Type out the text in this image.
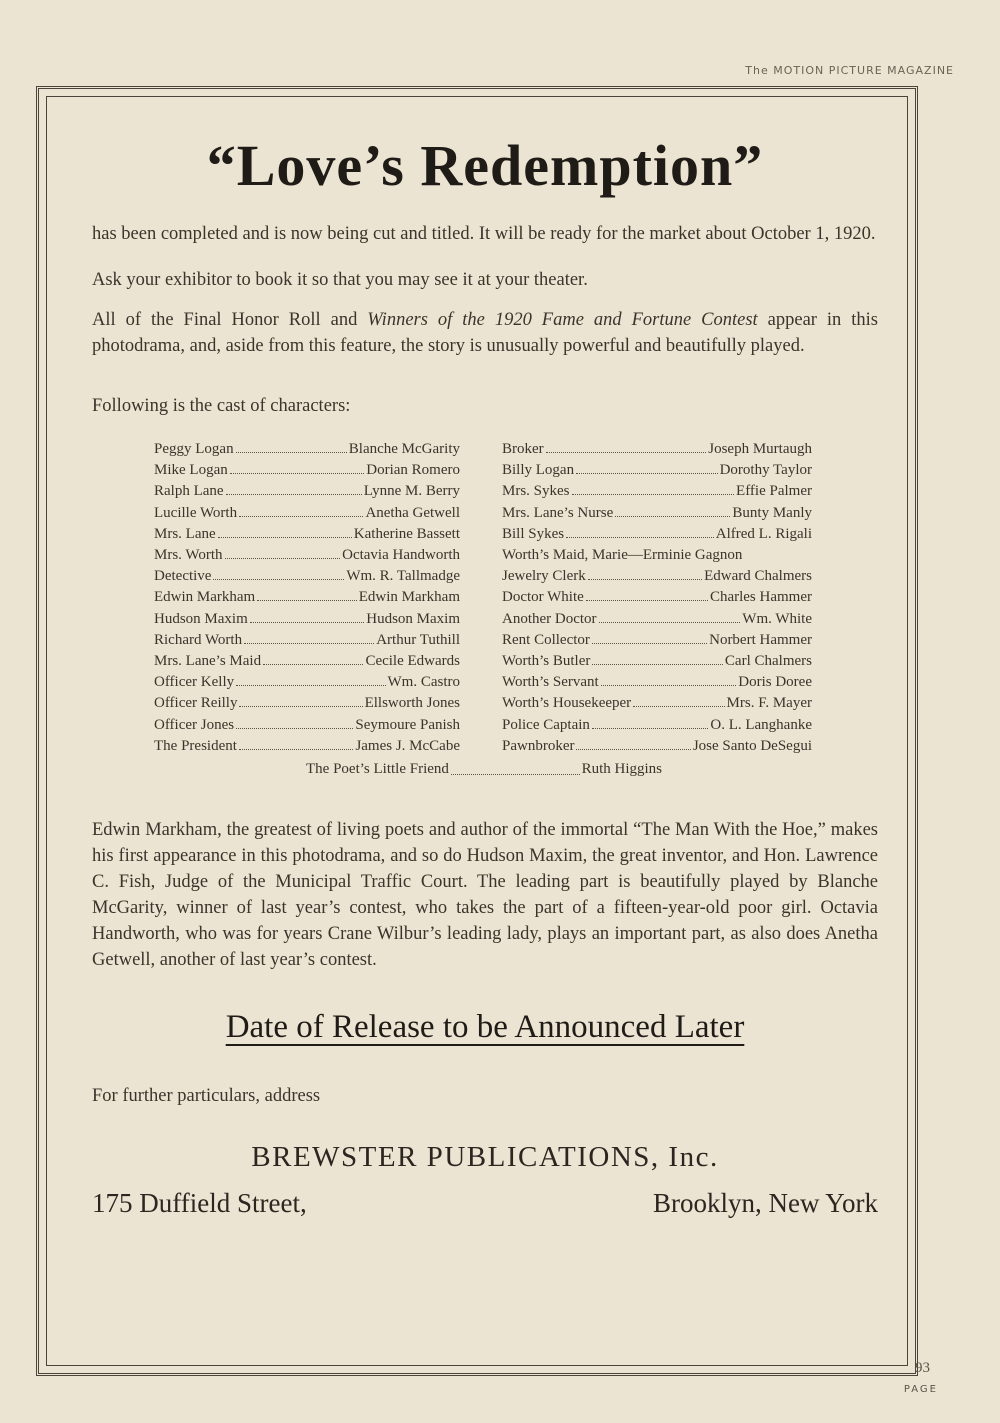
The MOTION PICTURE MAGAZINE
“Love’s Redemption”

has been completed and is now being cut and titled. It will be ready for the market about October 1, 1920.

Ask your exhibitor to book it so that you may see it at your theater.

All of the Final Honor Roll and Winners of the 1920 Fame and Fortune Contest appear in this photodrama, and, aside from this feature, the story is unusually powerful and beautifully played.

Following is the cast of characters:

Peggy Logan	Blanche McGarity
Mike Logan	Dorian Romero
Ralph Lane	Lynne M. Berry
Lucille Worth	Anetha Getwell
Mrs. Lane	Katherine Bassett
Mrs. Worth	Octavia Handworth
Detective	Wm. R. Tallmadge
Edwin Markham	Edwin Markham
Hudson Maxim	Hudson Maxim
Richard Worth	Arthur Tuthill
Mrs. Lane’s Maid	Cecile Edwards
Officer Kelly	Wm. Castro
Officer Reilly	Ellsworth Jones
Officer Jones	Seymoure Panish
The President	James J. McCabe
Broker	Joseph Murtaugh
Billy Logan	Dorothy Taylor
Mrs. Sykes	Effie Palmer
Mrs. Lane’s Nurse	Bunty Manly
Bill Sykes	Alfred L. Rigali
Worth’s Maid, Marie — Erminie Gagnon
Jewelry Clerk	Edward Chalmers
Doctor White	Charles Hammer
Another Doctor	Wm. White
Rent Collector	Norbert Hammer
Worth’s Butler	Carl Chalmers
Worth’s Servant	Doris Doree
Worth’s Housekeeper	Mrs. F. Mayer
Police Captain	O. L. Langhanke
Pawnbroker	Jose Santo DeSegui
The Poet’s Little Friend	Ruth Higgins

Edwin Markham, the greatest of living poets and author of the immortal “The Man With the Hoe,” makes his first appearance in this photodrama, and so do Hudson Maxim, the great inventor, and Hon. Lawrence C. Fish, Judge of the Municipal Traffic Court. The leading part is beautifully played by Blanche McGarity, winner of last year’s contest, who takes the part of a fifteen-year-old poor girl. Octavia Handworth, who was for years Crane Wilbur’s leading lady, plays an important part, as also does Anetha Getwell, another of last year’s contest.

Date of Release to be Announced Later
For further particulars, address
BREWSTER PUBLICATIONS, Inc.
175 Duffield Street,	Brooklyn, New York
93
PAGE
